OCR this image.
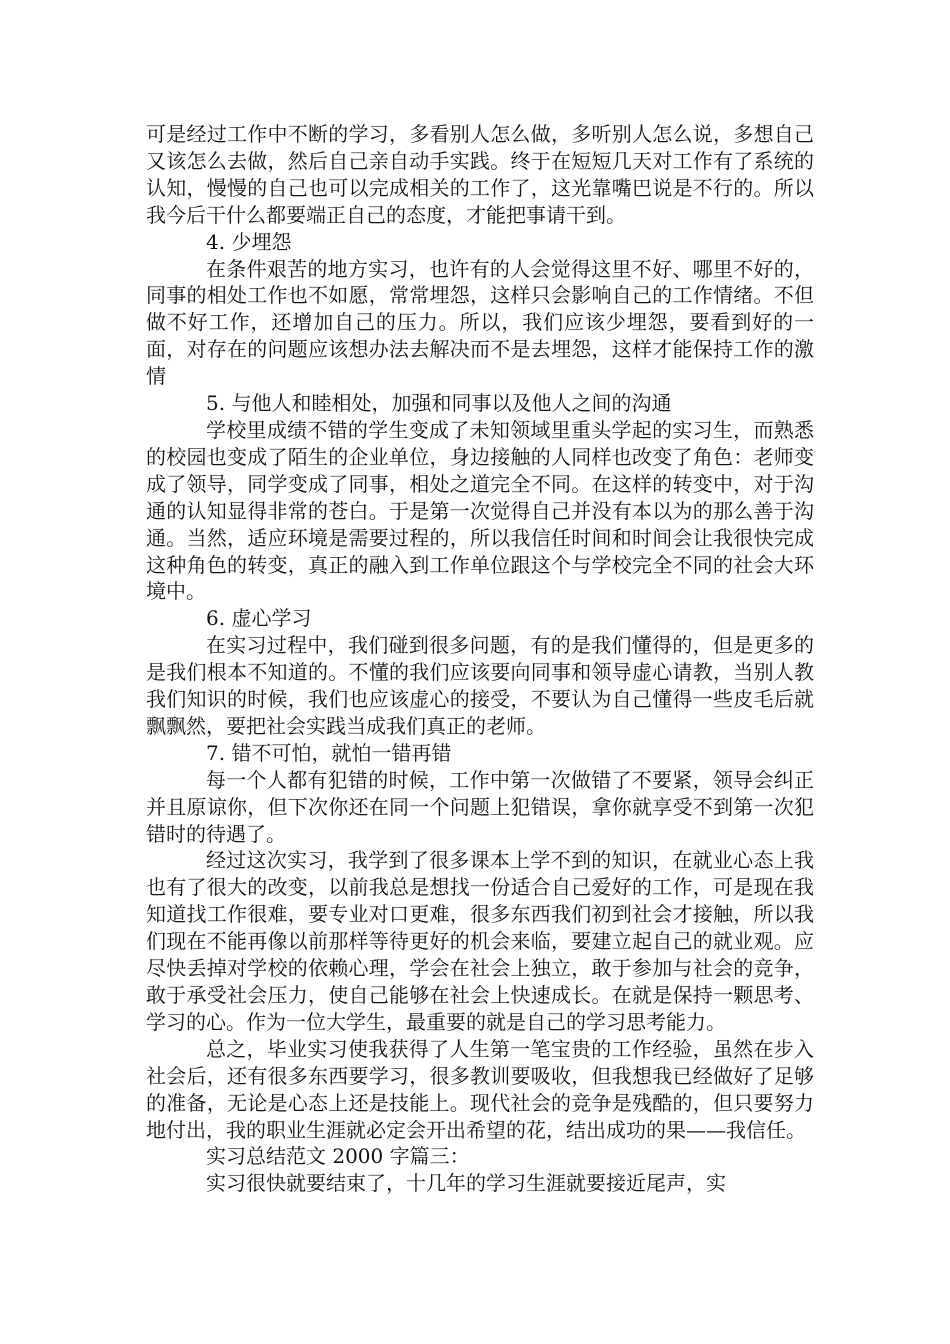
可是经过工作中不断的学习，多看别人怎么做，多听别人怎么说，多想自己又该怎么去做，然后自己亲自动手实践。终于在短短几天对工作有了系统的认知，慢慢的自己也可以完成相关的工作了，这光靠嘴巴说是不行的。所以我今后干什么都要端正自己的态度，才能把事请干到。

4. 少埋怨

在条件艰苦的地方实习，也许有的人会觉得这里不好、哪里不好的，同事的相处工作也不如愿，常常埋怨，这样只会影响自己的工作情绪。不但做不好工作，还增加自己的压力。所以，我们应该少埋怨，要看到好的一面，对存在的问题应该想办法去解决而不是去埋怨，这样才能保持工作的激情

5. 与他人和睦相处，加强和同事以及他人之间的沟通

学校里成绩不错的学生变成了未知领域里重头学起的实习生，而熟悉的校园也变成了陌生的企业单位，身边接触的人同样也改变了角色：老师变成了领导，同学变成了同事，相处之道完全不同。在这样的转变中，对于沟通的认知显得非常的苍白。于是第一次觉得自己并没有本以为的那么善于沟通。当然，适应环境是需要过程的，所以我信任时间和时间会让我很快完成这种角色的转变，真正的融入到工作单位跟这个与学校完全不同的社会大环境中。

6. 虚心学习

在实习过程中，我们碰到很多问题，有的是我们懂得的，但是更多的是我们根本不知道的。不懂的我们应该要向同事和领导虚心请教，当别人教我们知识的时候，我们也应该虚心的接受，不要认为自己懂得一些皮毛后就飘飘然，要把社会实践当成我们真正的老师。

7. 错不可怕，就怕一错再错

每一个人都有犯错的时候，工作中第一次做错了不要紧，领导会纠正并且原谅你，但下次你还在同一个问题上犯错误，拿你就享受不到第一次犯错时的待遇了。

经过这次实习，我学到了很多课本上学不到的知识，在就业心态上我也有了很大的改变，以前我总是想找一份适合自己爱好的工作，可是现在我知道找工作很难，要专业对口更难，很多东西我们初到社会才接触，所以我们现在不能再像以前那样等待更好的机会来临，要建立起自己的就业观。应尽快丢掉对学校的依赖心理，学会在社会上独立，敢于参加与社会的竞争，敢于承受社会压力，使自己能够在社会上快速成长。在就是保持一颗思考、学习的心。作为一位大学生，最重要的就是自己的学习思考能力。

总之，毕业实习使我获得了人生第一笔宝贵的工作经验，虽然在步入社会后，还有很多东西要学习，很多教训要吸收，但我想我已经做好了足够的准备，无论是心态上还是技能上。现代社会的竞争是残酷的，但只要努力地付出，我的职业生涯就必定会开出希望的花，结出成功的果——我信任。

实习总结范文 2000 字篇三：

实习很快就要结束了，十几年的学习生涯就要接近尾声，实
